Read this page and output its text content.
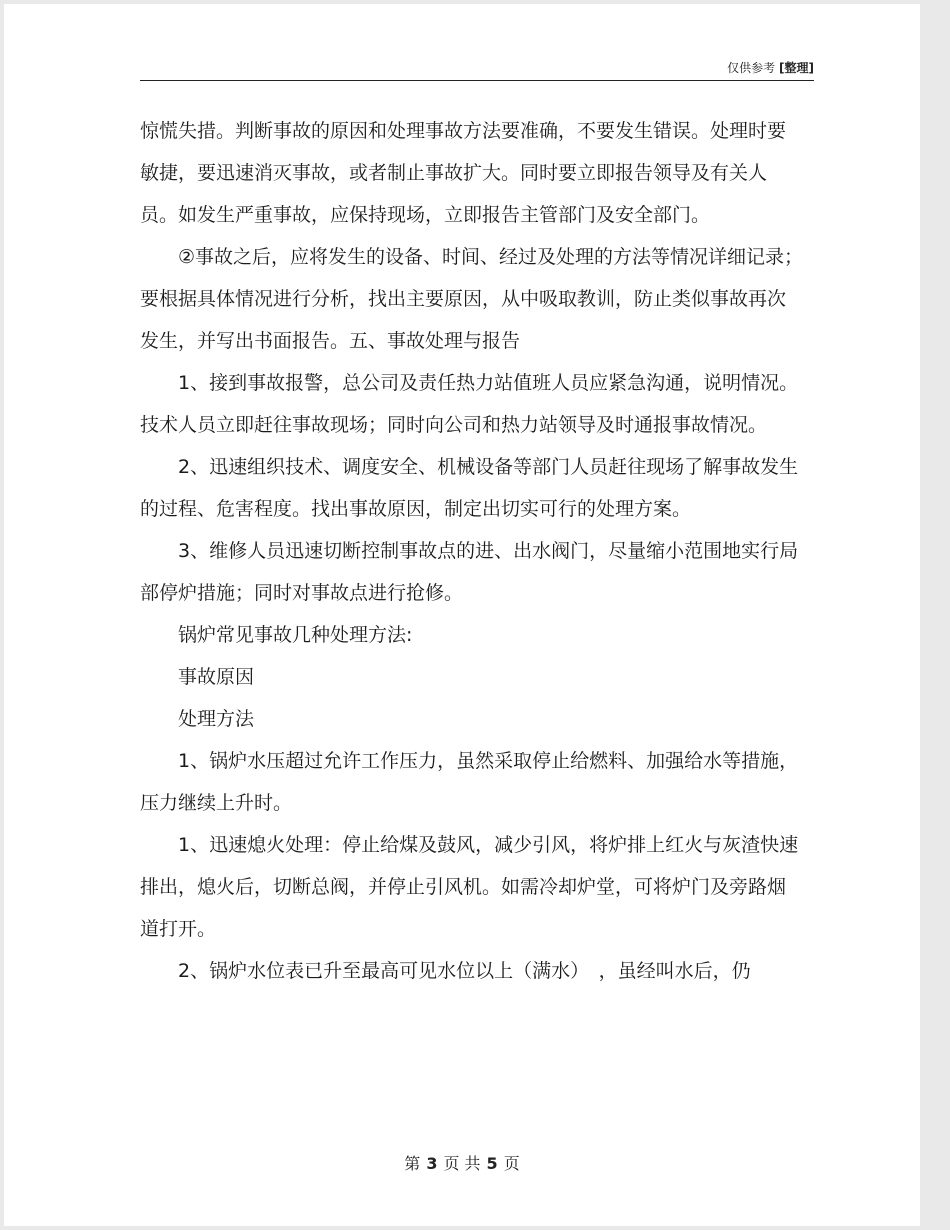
仅供参考 [整理]

惊慌失措。判断事故的原因和处理事故方法要准确，不要发生错误。处理时要敏捷，要迅速消灭事故，或者制止事故扩大。同时要立即报告领导及有关人员。如发生严重事故，应保持现场，立即报告主管部门及安全部门。

②事故之后，应将发生的设备、时间、经过及处理的方法等情况详细记录；要根据具体情况进行分析，找出主要原因，从中吸取教训，防止类似事故再次发生，并写出书面报告。五、事故处理与报告

1、接到事故报警，总公司及责任热力站值班人员应紧急沟通，说明情况。技术人员立即赶往事故现场；同时向公司和热力站领导及时通报事故情况。

2、迅速组织技术、调度安全、机械设备等部门人员赶往现场了解事故发生的过程、危害程度。找出事故原因，制定出切实可行的处理方案。

3、维修人员迅速切断控制事故点的进、出水阀门，尽量缩小范围地实行局部停炉措施；同时对事故点进行抢修。

锅炉常见事故几种处理方法:

事故原因

处理方法

1、锅炉水压超过允许工作压力，虽然采取停止给燃料、加强给水等措施，压力继续上升时。

1、迅速熄火处理：停止给煤及鼓风，减少引风，将炉排上红火与灰渣快速排出，熄火后，切断总阀，并停止引风机。如需冷却炉堂，可将炉门及旁路烟道打开。

2、锅炉水位表已升至最高可见水位以上（满水）　，虽经叫水后，仍

第 3 页 共 5 页
